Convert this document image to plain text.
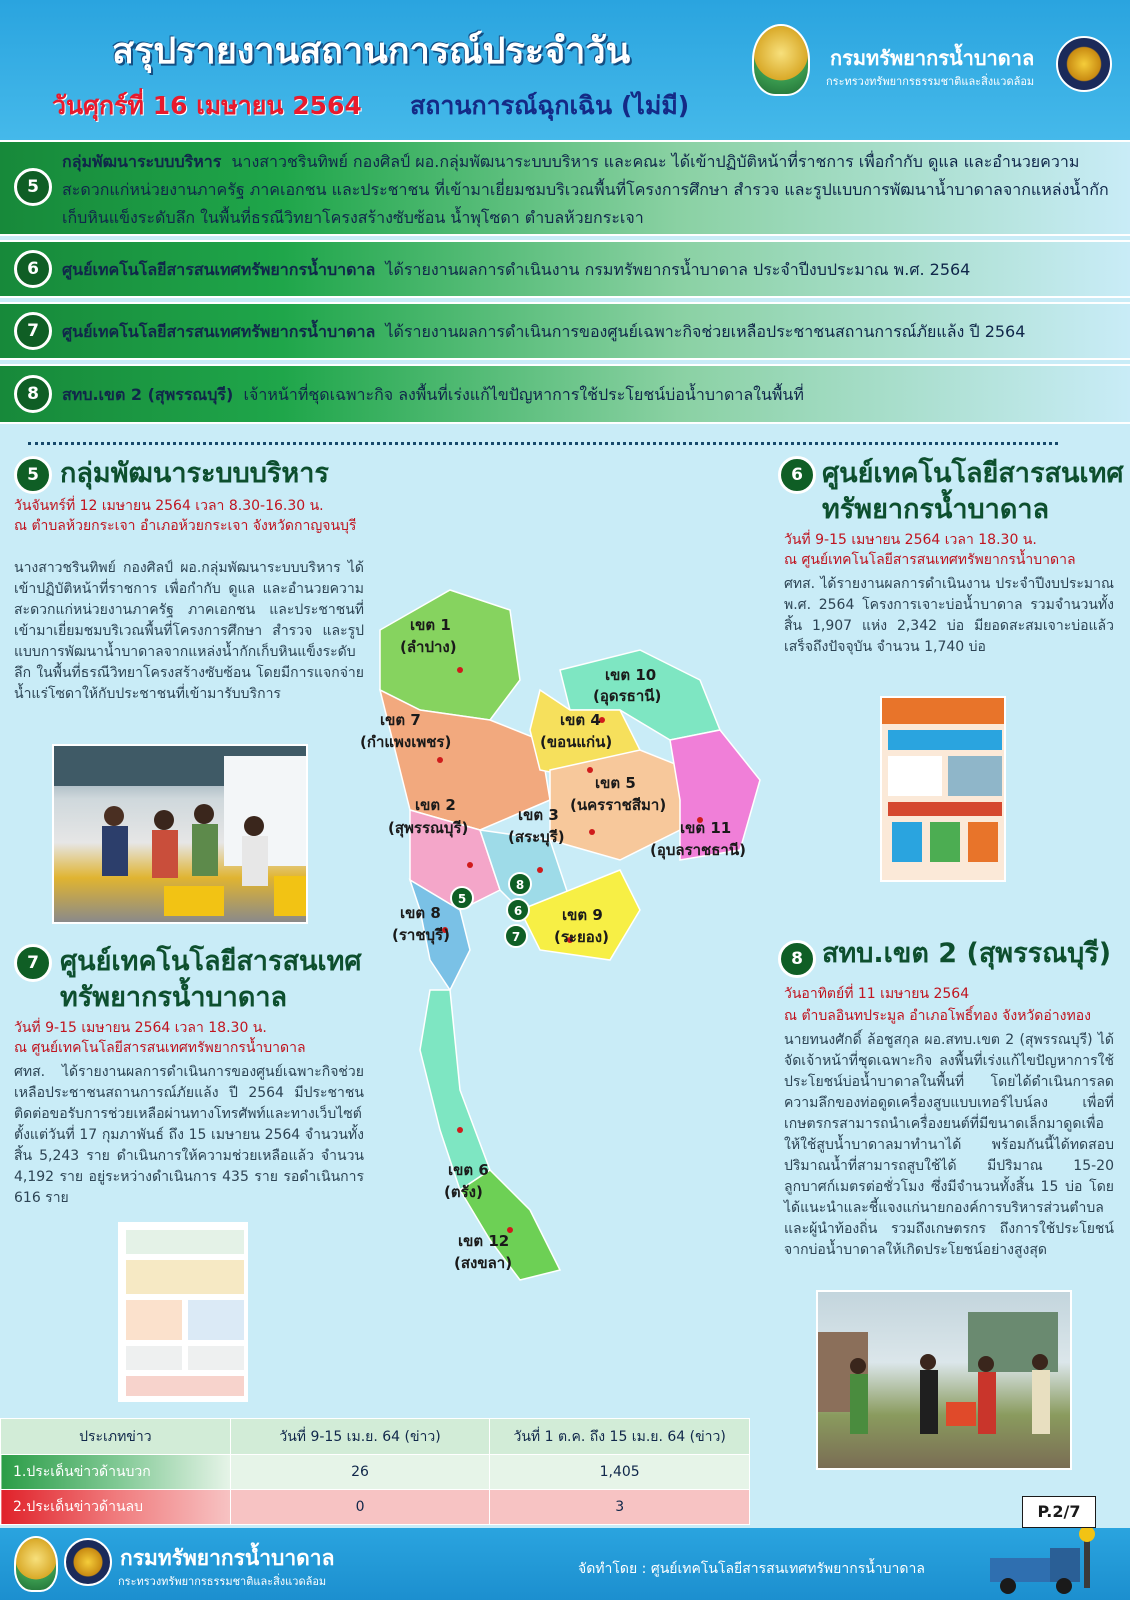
สรุปรายงานสถานการณ์ประจำวัน
วันศุกร์ที่ 16 เมษายน 2564 สถานการณ์ฉุกเฉิน (ไม่มี)
กรมทรัพยากรน้ำบาดาล
กระทรวงทรัพยากรธรรมชาติและสิ่งแวดล้อม
5
กลุ่มพัฒนาระบบบริหาร นางสาวชรินทิพย์ กองศิลป์ ผอ.กลุ่มพัฒนาระบบบริหาร และคณะ ได้เข้าปฏิบัติหน้าที่ราชการ เพื่อกำกับ ดูแล และอำนวยความสะดวกแก่หน่วยงานภาครัฐ ภาคเอกชน และประชาชน ที่เข้ามาเยี่ยมชมบริเวณพื้นที่โครงการศึกษา สำรวจ และรูปแบบการพัฒนาน้ำบาดาลจากแหล่งน้ำกักเก็บหินแข็งระดับลึก ในพื้นที่ธรณีวิทยาโครงสร้างซับซ้อน น้ำพุโซดา ตำบลห้วยกระเจา
6	ศูนย์เทคโนโลยีสารสนเทศทรัพยากรน้ำบาดาล ได้รายงานผลการดำเนินงาน กรมทรัพยากรน้ำบาดาล ประจำปีงบประมาณ พ.ศ. 2564
7	ศูนย์เทคโนโลยีสารสนเทศทรัพยากรน้ำบาดาล ได้รายงานผลการดำเนินการของศูนย์เฉพาะกิจช่วยเหลือประชาชนสถานการณ์ภัยแล้ง ปี 2564
8	สทบ.เขต 2 (สุพรรณบุรี) เจ้าหน้าที่ชุดเฉพาะกิจ ลงพื้นที่เร่งแก้ไขปัญหาการใช้ประโยชน์บ่อน้ำบาดาลในพื้นที่
5 กลุ่มพัฒนาระบบบริหาร
วันจันทร์ที่ 12 เมษายน 2564 เวลา 8.30-16.30 น.
ณ ตำบลห้วยกระเจา อำเภอห้วยกระเจา จังหวัดกาญจนบุรี
นางสาวชรินทิพย์ กองศิลป์ ผอ.กลุ่มพัฒนาระบบบริหาร ได้เข้าปฏิบัติหน้าที่ราชการ เพื่อกำกับ ดูแล และอำนวยความสะดวกแก่หน่วยงานภาครัฐ ภาคเอกชน และประชาชนที่เข้ามาเยี่ยมชมบริเวณพื้นที่โครงการศึกษา สำรวจ และรูปแบบการพัฒนาน้ำบาดาลจากแหล่งน้ำกักเก็บหินแข็งระดับลึก ในพื้นที่ธรณีวิทยาโครงสร้างซับซ้อน โดยมีการแจกจ่ายน้ำแร่โซดาให้กับประชาชนที่เข้ามารับบริการ
6 ศูนย์เทคโนโลยีสารสนเทศ
ทรัพยากรน้ำบาดาล
วันที่ 9-15 เมษายน 2564 เวลา 18.30 น.
ณ ศูนย์เทคโนโลยีสารสนเทศทรัพยากรน้ำบาดาล
ศทส. ได้รายงานผลการดำเนินงาน ประจำปีงบประมาณ พ.ศ. 2564 โครงการเจาะบ่อน้ำบาดาล รวมจำนวนทั้งสิ้น 1,907 แห่ง 2,342 บ่อ มียอดสะสมเจาะบ่อแล้วเสร็จถึงปัจจุบัน จำนวน 1,740 บ่อ
7 ศูนย์เทคโนโลยีสารสนเทศ
ทรัพยากรน้ำบาดาล
วันที่ 9-15 เมษายน 2564 เวลา 18.30 น.
ณ ศูนย์เทคโนโลยีสารสนเทศทรัพยากรน้ำบาดาล
ศทส. ได้รายงานผลการดำเนินการของศูนย์เฉพาะกิจช่วยเหลือประชาชนสถานการณ์ภัยแล้ง ปี 2564 มีประชาชนติดต่อขอรับการช่วยเหลือผ่านทางโทรศัพท์และทางเว็บไซต์ ตั้งแต่วันที่ 17 กุมภาพันธ์ ถึง 15 เมษายน 2564 จำนวนทั้งสิ้น 5,243 ราย ดำเนินการให้ความช่วยเหลือแล้ว จำนวน 4,192 ราย อยู่ระหว่างดำเนินการ 435 ราย รอดำเนินการ 616 ราย
8 สทบ.เขต 2 (สุพรรณบุรี)
วันอาทิตย์ที่ 11 เมษายน 2564
ณ ตำบลอินทประมูล อำเภอโพธิ์ทอง จังหวัดอ่างทอง
นายทนงศักดิ์ ล้อชูสกุล ผอ.สทบ.เขต 2 (สุพรรณบุรี) ได้จัดเจ้าหน้าที่ชุดเฉพาะกิจ ลงพื้นที่เร่งแก้ไขปัญหาการใช้ประโยชน์บ่อน้ำบาดาลในพื้นที่ โดยได้ดำเนินการลดความลึกของท่อดูดเครื่องสูบแบบเทอร์ไบน์ลง เพื่อที่เกษตรกรสามารถนำเครื่องยนต์ที่มีขนาดเล็กมาดูดเพื่อให้ใช้สูบน้ำบาดาลมาทำนาได้ พร้อมกันนี้ได้ทดสอบปริมาณน้ำที่สามารถสูบใช้ได้ มีปริมาณ 15-20 ลูกบาศก์เมตรต่อชั่วโมง ซึ่งมีจำนวนทั้งสิ้น 15 บ่อ โดยได้แนะนำและชี้แจงแก่นายกองค์การบริหารส่วนตำบล และผู้นำท้องถิ่น รวมถึงเกษตรกร ถึงการใช้ประโยชน์จากบ่อน้ำบาดาลให้เกิดประโยชน์อย่างสูงสุด
เขต 1
(ลำปาง)
เขต 7
(กำแพงเพชร)
เขต 10
(อุดรธานี)
เขต 4
(ขอนแก่น)
เขต 5
(นครราชสีมา)
เขต 2
(สุพรรณบุรี)
เขต 3
(สระบุรี)	เขต 11
(อุบลราชธานี)
เขต 8
(ราชบุรี)
เขต 9
(ระยอง)
เขต 6
(ตรัง)
เขต 12
(สงขลา)
5
6
7
8
ประเภทข่าว	วันที่ 9-15 เม.ย. 64 (ข่าว)	วันที่ 1 ต.ค. ถึง 15 เม.ย. 64 (ข่าว)
1.ประเด็นข่าวด้านบวก	26	1,405
2.ประเด็นข่าวด้านลบ	0	3	P.2/7
กรมทรัพยากรน้ำบาดาล
กระทรวงทรัพยากรธรรมชาติและสิ่งแวดล้อม
จัดทำโดย : ศูนย์เทคโนโลยีสารสนเทศทรัพยากรน้ำบาดาล
